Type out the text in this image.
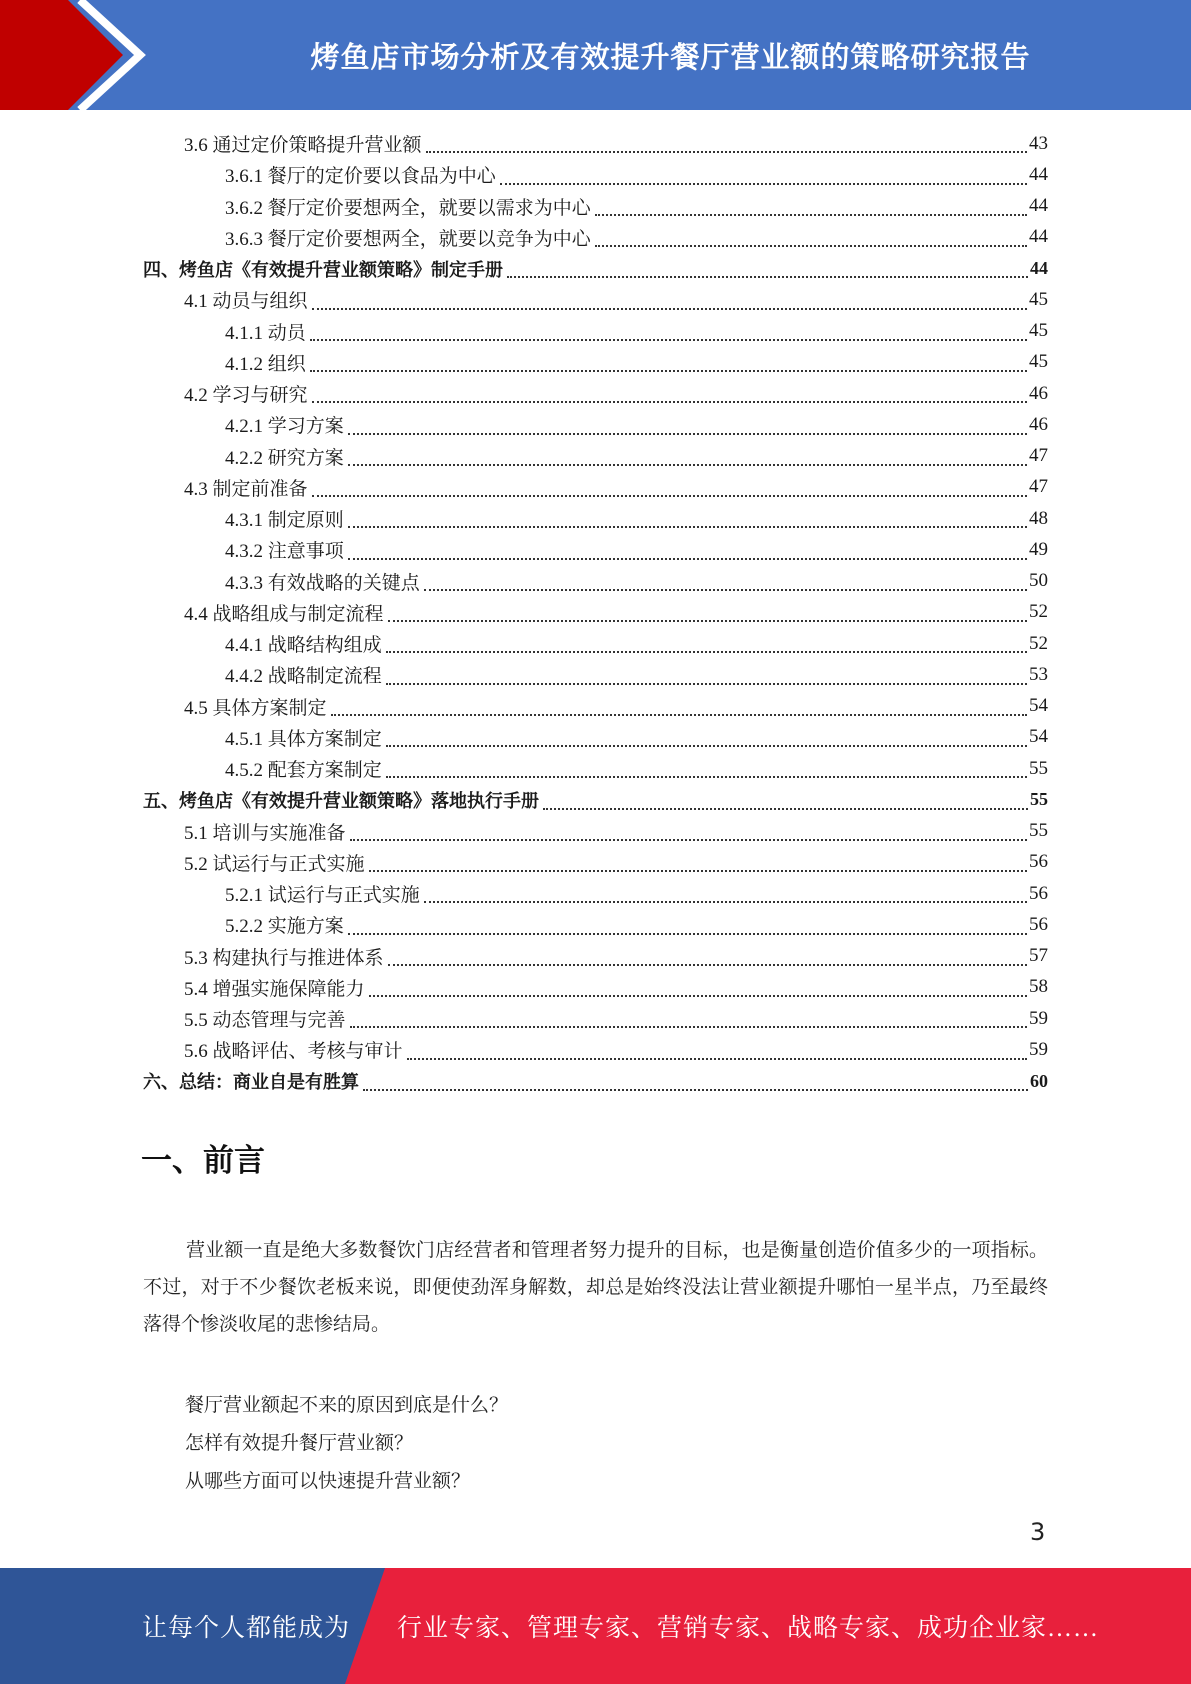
烤鱼店市场分析及有效提升餐厅营业额的策略研究报告
3.6 通过定价策略提升营业额	43
3.6.1 餐厅的定价要以食品为中心	44
3.6.2 餐厅定价要想两全，就要以需求为中心	44
3.6.3 餐厅定价要想两全，就要以竞争为中心	44
四、烤鱼店《有效提升营业额策略》制定手册	44
4.1 动员与组织	45
4.1.1 动员	45
4.1.2 组织	45
4.2 学习与研究	46
4.2.1 学习方案	46
4.2.2 研究方案	47
4.3 制定前准备	47
4.3.1 制定原则	48
4.3.2 注意事项	49
4.3.3 有效战略的关键点	50
4.4 战略组成与制定流程	52
4.4.1 战略结构组成	52
4.4.2 战略制定流程	53
4.5 具体方案制定	54
4.5.1 具体方案制定	54
4.5.2 配套方案制定	55
五、烤鱼店《有效提升营业额策略》落地执行手册	55
5.1 培训与实施准备	55
5.2 试运行与正式实施	56
5.2.1 试运行与正式实施	56
5.2.2 实施方案	56
5.3 构建执行与推进体系	57
5.4 增强实施保障能力	58
5.5 动态管理与完善	59
5.6 战略评估、考核与审计	59
六、总结：商业自是有胜算	60
一、前言
营业额一直是绝大多数餐饮门店经营者和管理者努力提升的目标，也是衡量创造价值多少的一项指标。不过，对于不少餐饮老板来说，即便使劲浑身解数，却总是始终没法让营业额提升哪怕一星半点，乃至最终落得个惨淡收尾的悲惨结局。
餐厅营业额起不来的原因到底是什么？
怎样有效提升餐厅营业额？
从哪些方面可以快速提升营业额？
3
让每个人都能成为 行业专家、管理专家、营销专家、战略专家、成功企业家……
